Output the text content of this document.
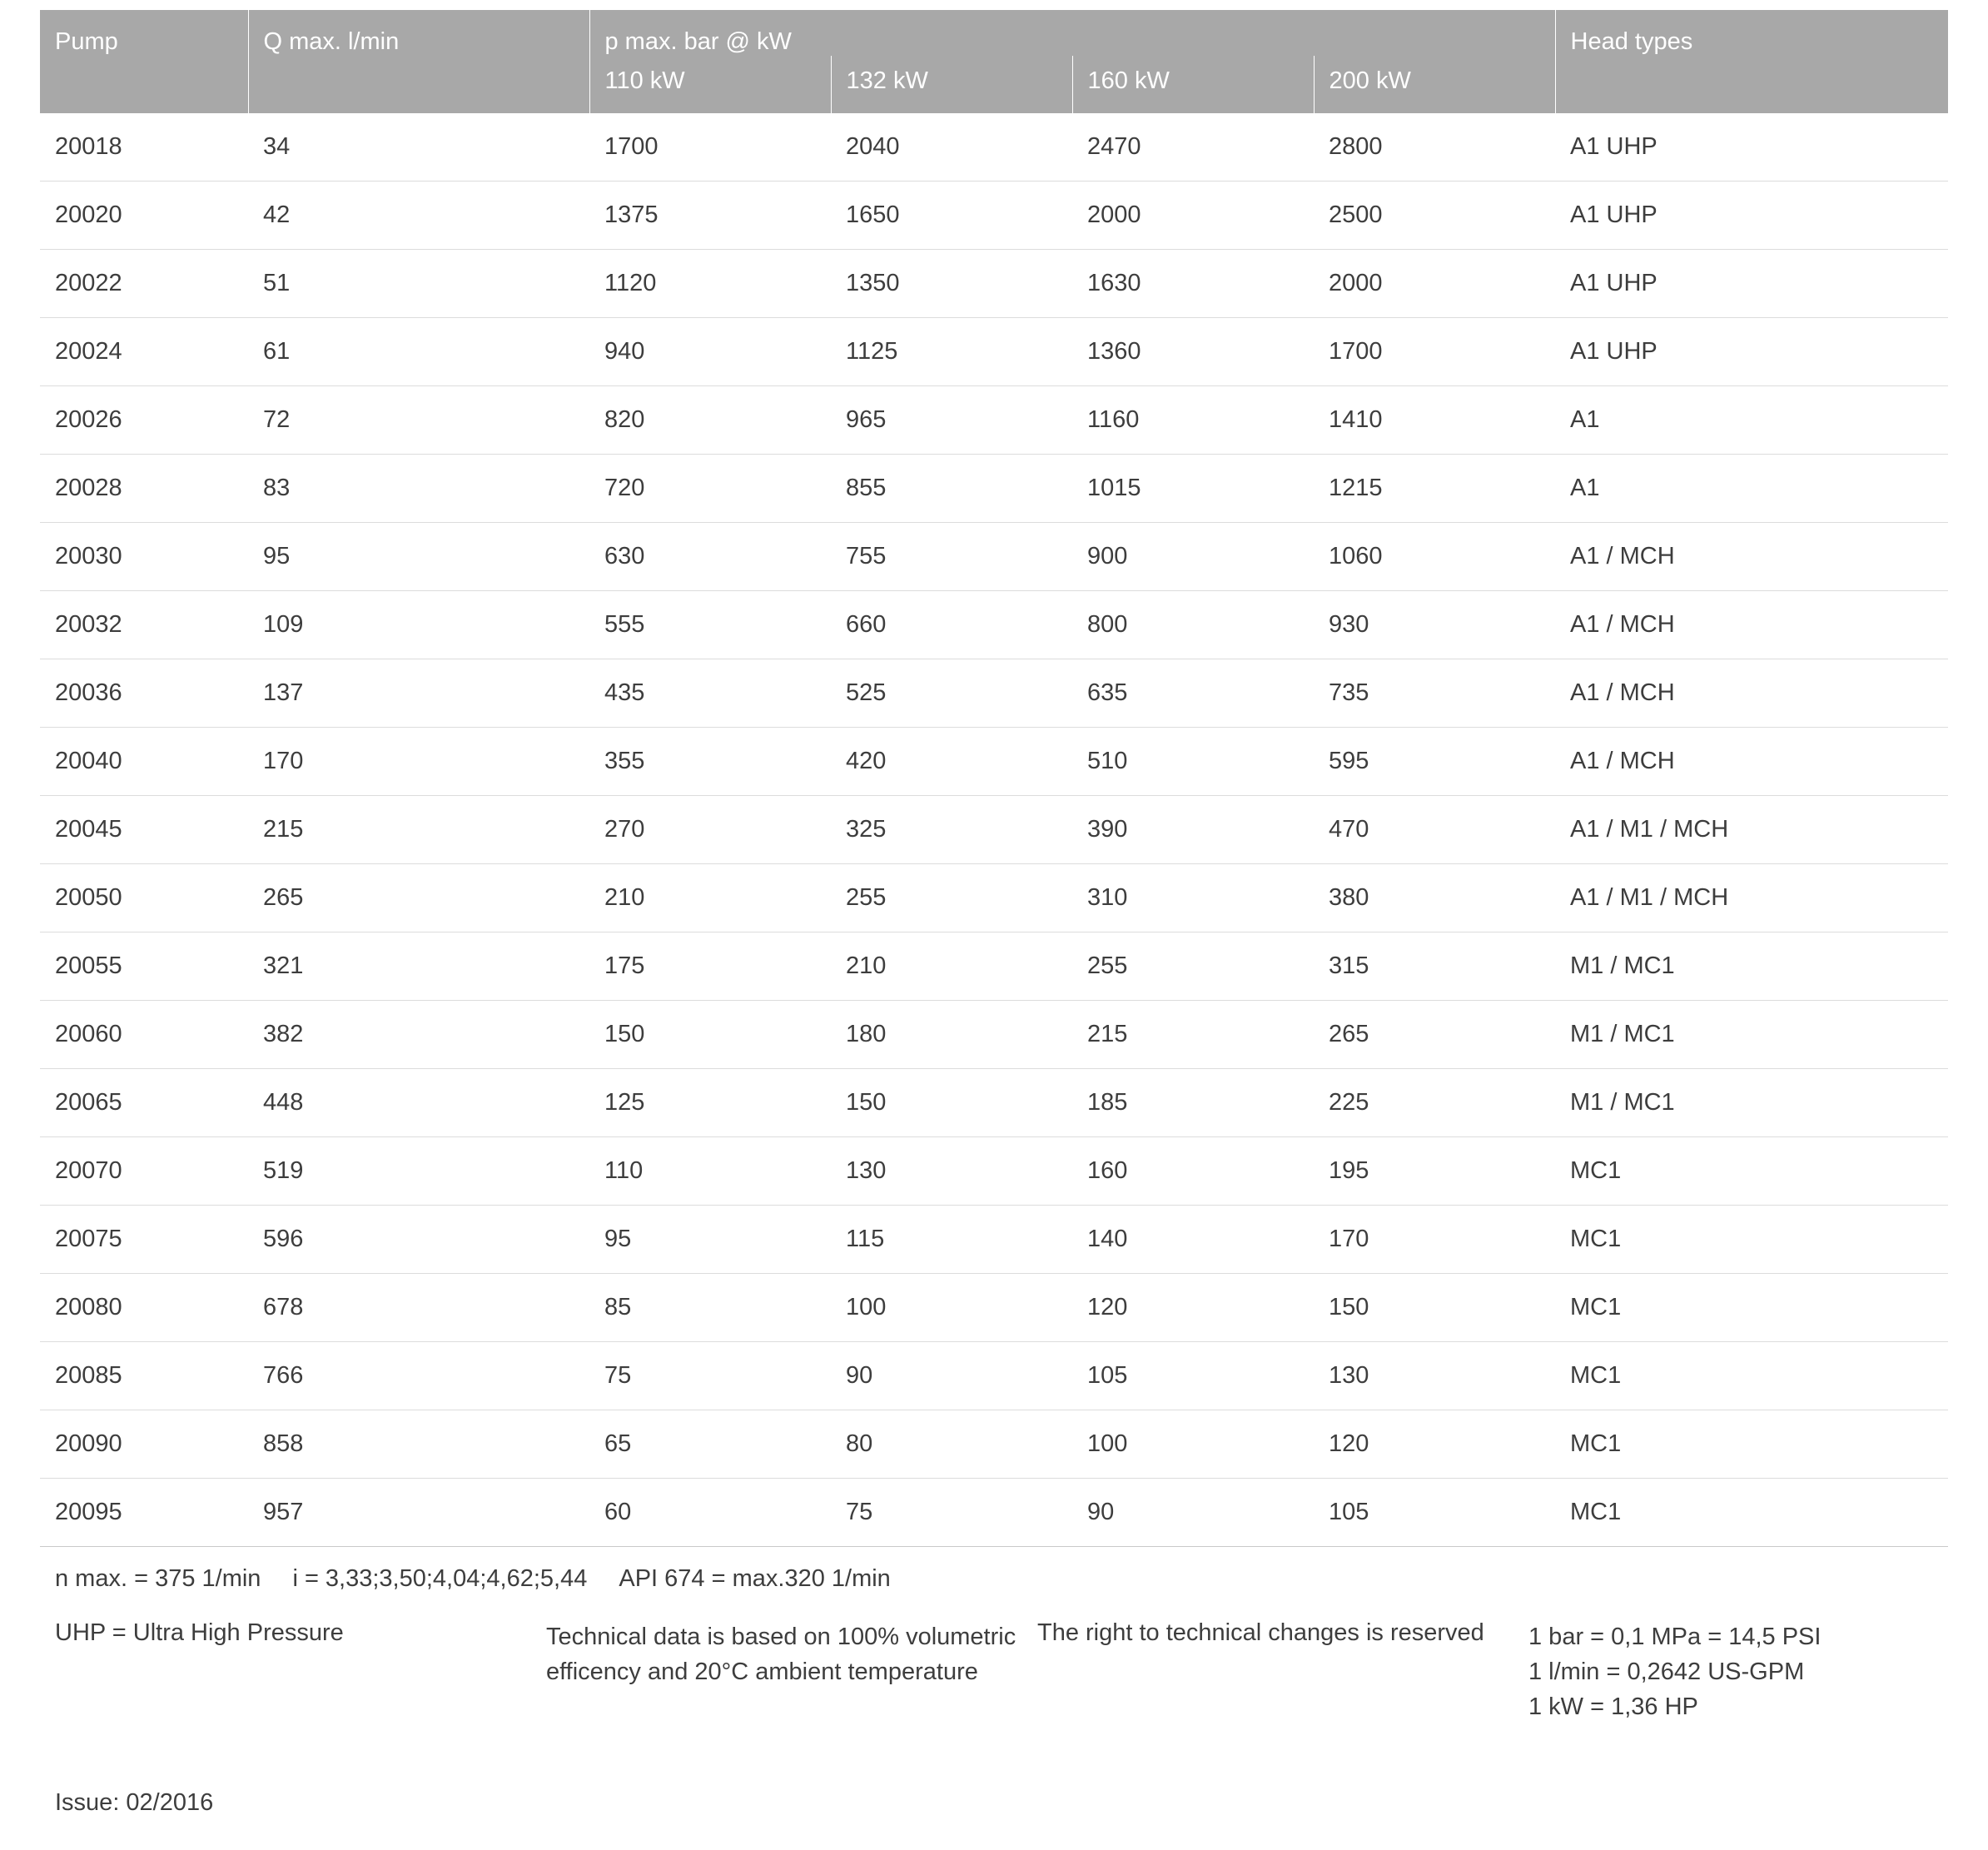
Pump	Q max. l/min	p max. bar @ kW				Head types
		110 kW	132 kW	160 kW	200 kW	
20018	34	1700	2040	2470	2800	A1 UHP
20020	42	1375	1650	2000	2500	A1 UHP
20022	51	1120	1350	1630	2000	A1 UHP
20024	61	940	1125	1360	1700	A1 UHP
20026	72	820	965	1160	1410	A1
20028	83	720	855	1015	1215	A1
20030	95	630	755	900	1060	A1 / MCH
20032	109	555	660	800	930	A1 / MCH
20036	137	435	525	635	735	A1 / MCH
20040	170	355	420	510	595	A1 / MCH
20045	215	270	325	390	470	A1 / M1 / MCH
20050	265	210	255	310	380	A1 / M1 / MCH
20055	321	175	210	255	315	M1 / MC1
20060	382	150	180	215	265	M1 / MC1
20065	448	125	150	185	225	M1 / MC1
20070	519	110	130	160	195	MC1
20075	596	95	115	140	170	MC1
20080	678	85	100	120	150	MC1
20085	766	75	90	105	130	MC1
20090	858	65	80	100	120	MC1
20095	957	60	75	90	105	MC1
n max. = 375 1/min i = 3,33;3,50;4,04;4,62;5,44 API 674 = max.320 1/min
UHP = Ultra High Pressure	Technical data is based on 100% volumetric efficency and 20°C ambient temperature
The right to technical changes is reserved	1 bar = 0,1 MPa = 14,5 PSI
1 l/min = 0,2642 US-GPM
1 kW = 1,36 HP
Issue: 02/2016
